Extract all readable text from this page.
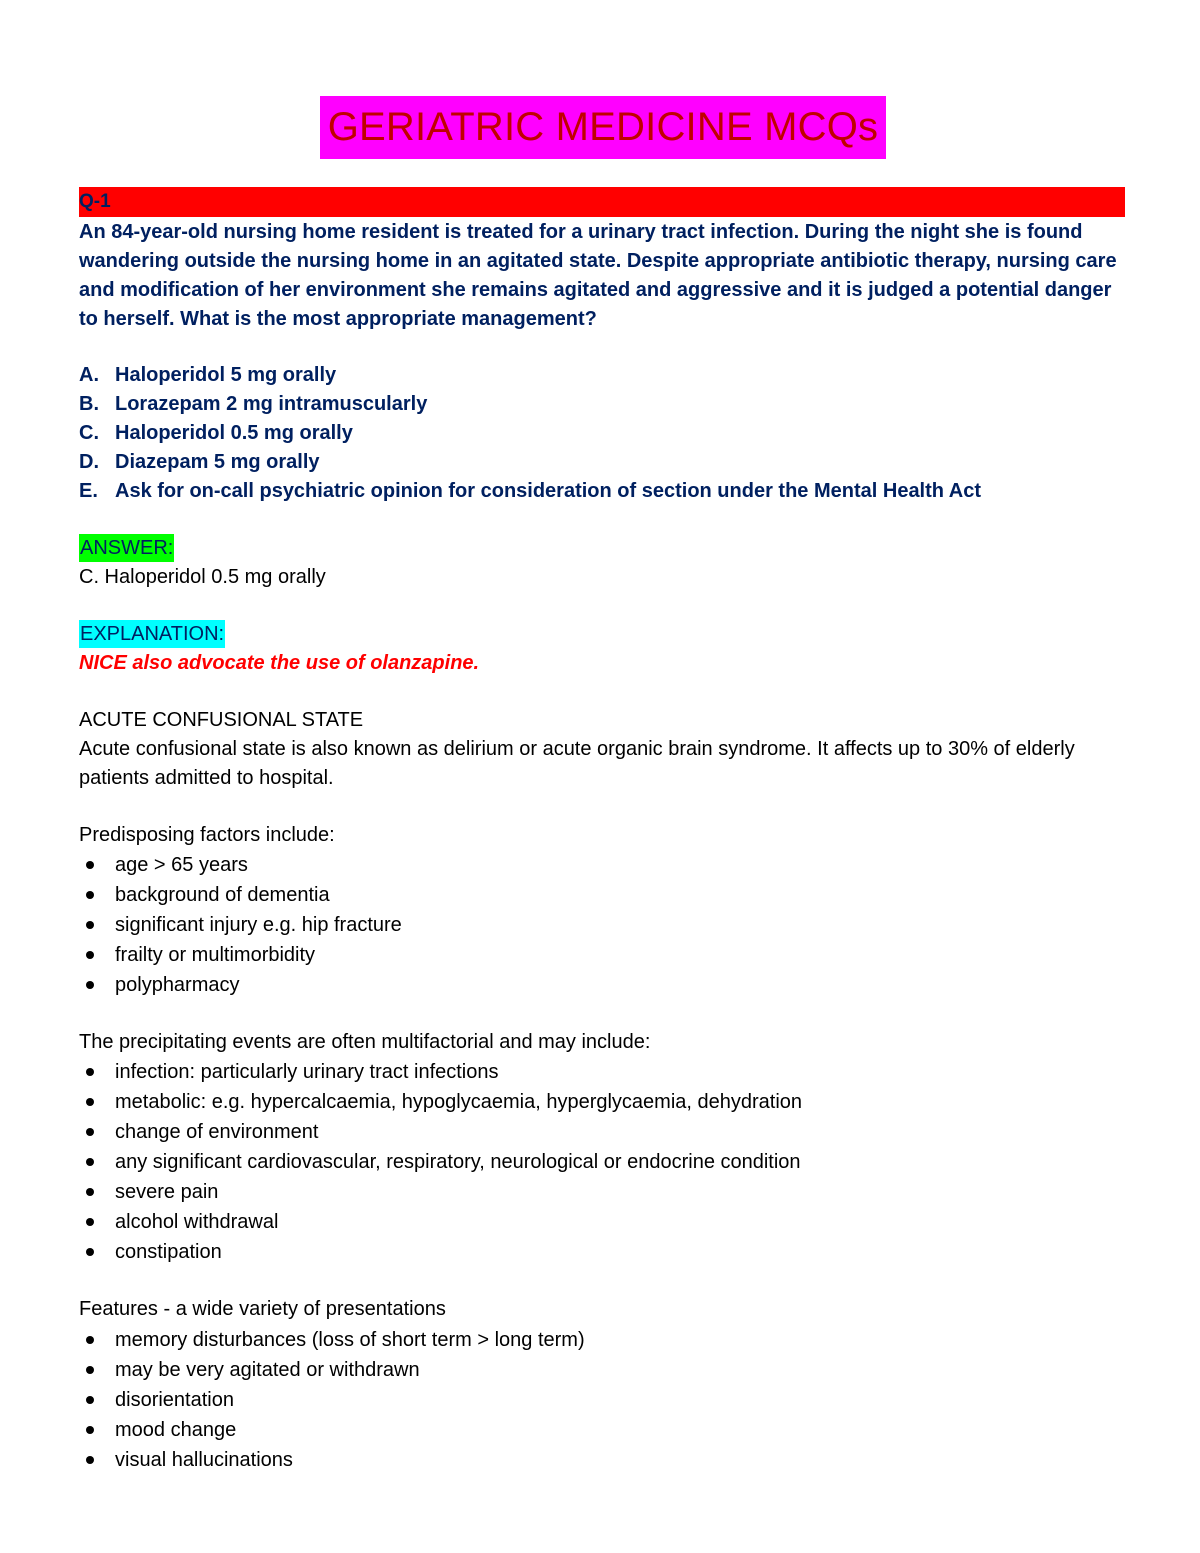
GERIATRIC MEDICINE MCQs
Q-1
An 84-year-old nursing home resident is treated for a urinary tract infection. During the night she is found wandering outside the nursing home in an agitated state. Despite appropriate antibiotic therapy, nursing care and modification of her environment she remains agitated and aggressive and it is judged a potential danger to herself. What is the most appropriate management?
A. Haloperidol 5 mg orally
B. Lorazepam 2 mg intramuscularly
C. Haloperidol 0.5 mg orally
D. Diazepam 5 mg orally
E. Ask for on-call psychiatric opinion for consideration of section under the Mental Health Act
ANSWER:
C. Haloperidol 0.5 mg orally
EXPLANATION:
NICE also advocate the use of olanzapine.
ACUTE CONFUSIONAL STATE
Acute confusional state is also known as delirium or acute organic brain syndrome. It affects up to 30% of elderly patients admitted to hospital.
Predisposing factors include:
age > 65 years
background of dementia
significant injury e.g. hip fracture
frailty or multimorbidity
polypharmacy
The precipitating events are often multifactorial and may include:
infection: particularly urinary tract infections
metabolic: e.g. hypercalcaemia, hypoglycaemia, hyperglycaemia, dehydration
change of environment
any significant cardiovascular, respiratory, neurological or endocrine condition
severe pain
alcohol withdrawal
constipation
Features - a wide variety of presentations
memory disturbances (loss of short term > long term)
may be very agitated or withdrawn
disorientation
mood change
visual hallucinations
